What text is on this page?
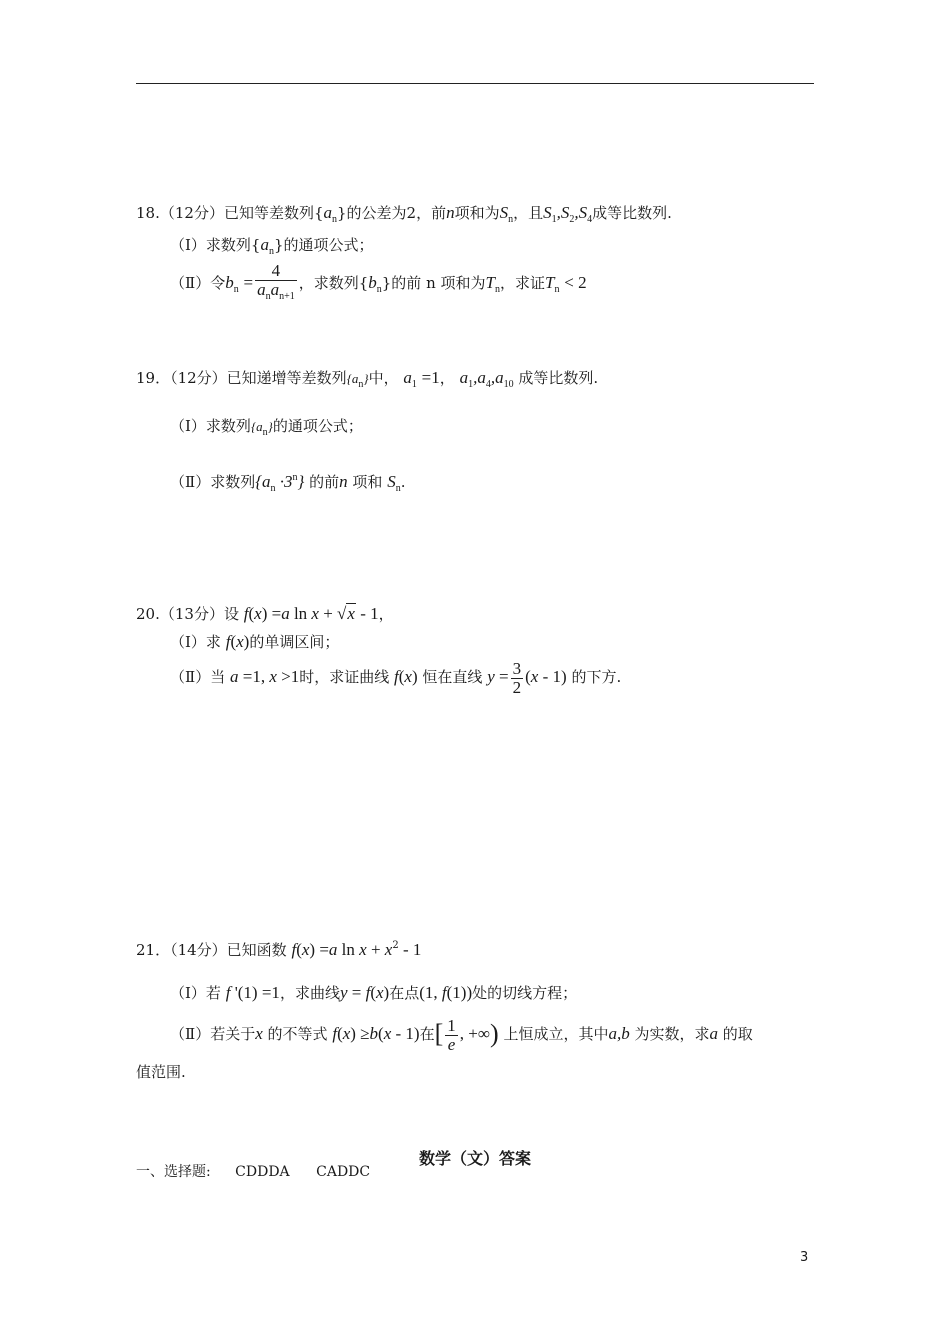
18.（12分）已知等差数列$\{a_n\}$的公差为2，前n项和为$S_n$，且$S_1,S_2,S_4$成等比数列.
（Ⅰ）求数列$\{a_n\}$的通项公式；
（Ⅱ）令$b_n = \frac{4}{a_na_{n+1}}$ ，求数列$\{b_n\}$的前 n 项和为$T_n$，求证$T_n < 2$
19．（12分）已知递增等差数列$\{a_n\}$中， $a_1 =1$， $a_1,a_4,a_{10}$ 成等比数列.
（Ⅰ）求数列$\{a_n\}$的通项公式；
（Ⅱ）求数列$\{a_n \cdot 3^n\}$ 的前n 项和 $S_n$.
20.（13分）设 f(x) =a ln x + √x - 1，
（Ⅰ）求 f(x)的单调区间；
（Ⅱ）当 a =1, x >1时，求证曲线 f(x) 恒在直线 $y = \frac{3}{2} (x - 1)$ 的下方.
21．（14分）已知函数 f(x) =a $\ln x + x^2 - 1$
（Ⅰ）若 f '(1) =1，求曲线y = f(x)在点(1, f(1))处的切线方程；
（Ⅱ）若关于x 的不等式 f(x) ≥b(x - 1)在[ $\frac{1}{e}$ , +∞) 上恒成立，其中a,b 为实数，求a 的取
值范围.
数学（文）答案
一、选择题: CDDDA CADDC
3
